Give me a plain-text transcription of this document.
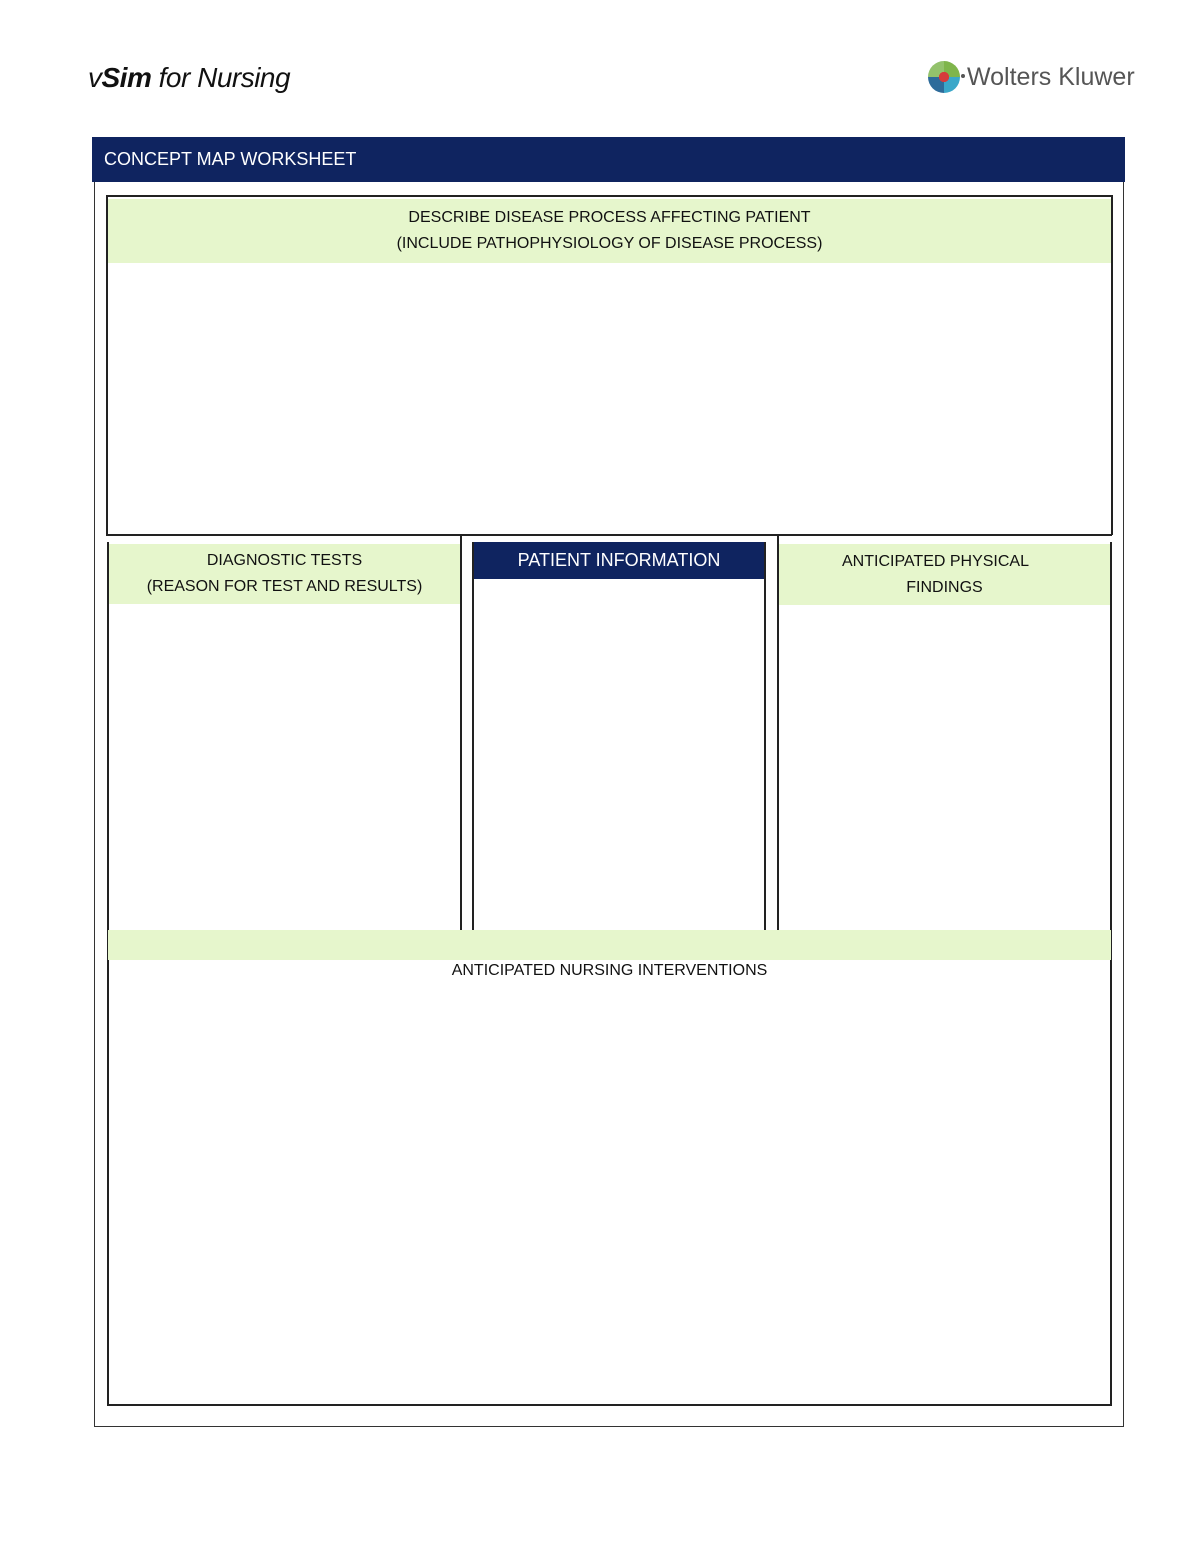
vSim for Nursing	Wolters Kluwer
CONCEPT MAP WORKSHEET
DESCRIBE DISEASE PROCESS AFFECTING PATIENT
(INCLUDE PATHOPHYSIOLOGY OF DISEASE PROCESS)
DIAGNOSTIC TESTS
(REASON FOR TEST AND RESULTS)
PATIENT INFORMATION	ANTICIPATED PHYSICAL
FINDINGS
ANTICIPATED NURSING INTERVENTIONS
